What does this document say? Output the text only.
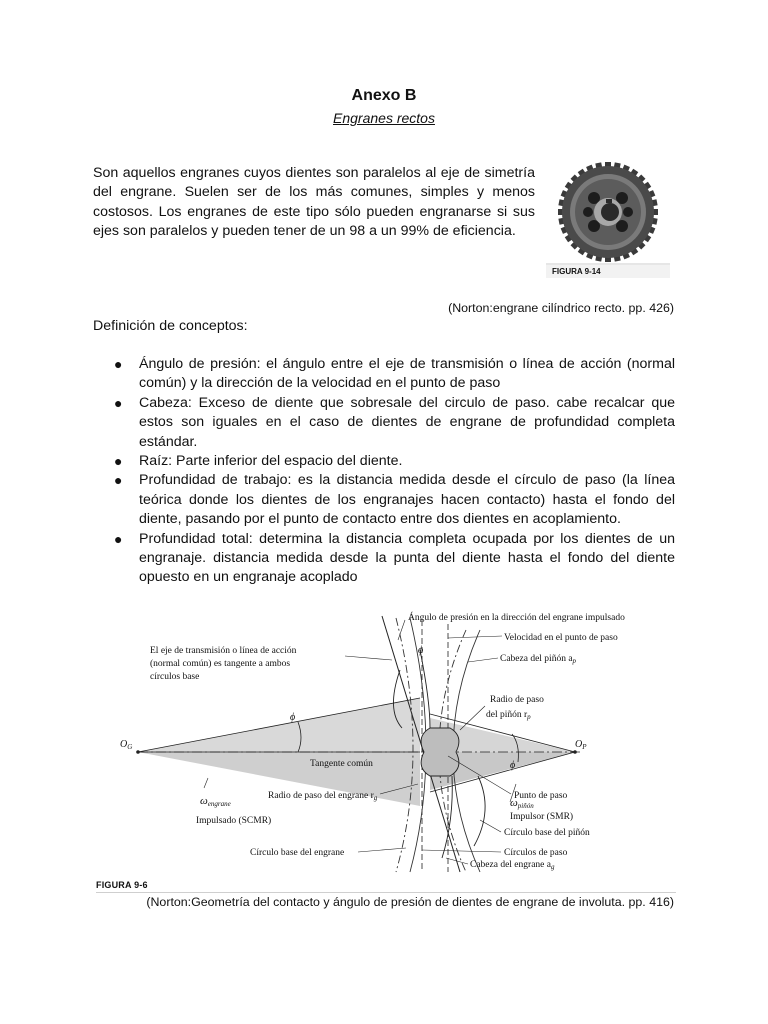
Anexo B
Engranes rectos

Son aquellos engranes cuyos dientes son paralelos al eje de simetría del engrane. Suelen ser de los más comunes, simples y menos costosos. Los engranes de este tipo sólo pueden engranarse si sus ejes son paralelos y pueden tener de un 98 a un 99% de eficiencia.

FIGURA 9-14
(Norton:engrane cilíndrico recto. pp. 426)
Definición de conceptos:
● Ángulo de presión: el ángulo entre el eje de transmisión o línea de acción (normal común) y la dirección de la velocidad en el punto de paso
● Cabeza: Exceso de diente que sobresale del circulo de paso. cabe recalcar que estos son iguales en el caso de dientes de engrane de profundidad completa estándar.
● Raíz: Parte inferior del espacio del diente.
● Profundidad de trabajo: es la distancia medida desde el círculo de paso (la línea teórica donde los dientes de los engranajes hacen contacto) hasta el fondo del diente, pasando por el punto de contacto entre dos dientes en acoplamiento.
● Profundidad total: determina la distancia completa ocupada por los dientes de un engranaje. distancia medida desde la punta del diente hasta el fondo del diente opuesto en un engranaje acoplado
Ángulo de presión en la dirección del engrane impulsado
Velocidad en el punto de paso
Cabeza del piñón $a_p$
El eje de transmisión o línea de acción
(normal común) es tangente a ambos
círculos base
Radio de paso
del piñón $r_p$
$O_G$	$O_P$
ϕ
ϕ
ϕ
Tangente común
Radio de paso del engrane $r_g$	Punto de paso
ωengrane	ωpiñón
Impulsado (SCMR)	Impulsor (SMR)
Círculo base del piñón
Círculo base del engrane	Círculos de paso
Cabeza del engrane $a_g$
FIGURA 9-6
(Norton:Geometría del contacto y ángulo de presión de dientes de engrane de involuta. pp. 416)
